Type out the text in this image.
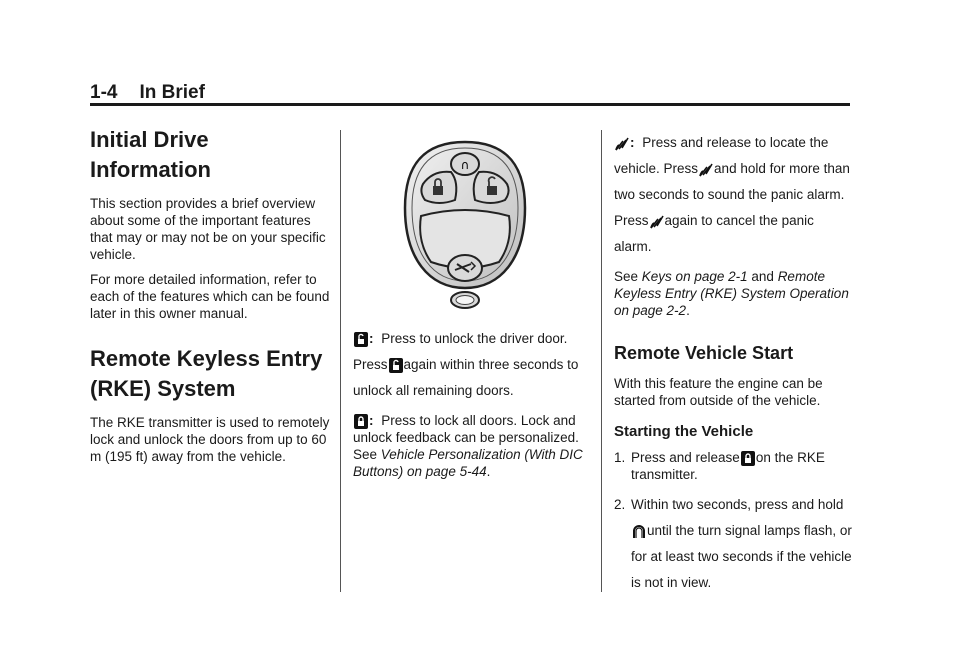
1-4 In Brief
Initial Drive Information

This section provides a brief overview about some of the important features that may or may not be on your specific vehicle.

For more detailed information, refer to each of the features which can be found later in this owner manual.

Remote Keyless Entry (RKE) System

The RKE transmitter is used to remotely lock and unlock the doors from up to 60 m (195 ft) away from the vehicle.

∩

: Press to unlock the driver door. Press again within three seconds to unlock all remaining doors.

: Press to lock all doors. Lock and unlock feedback can be personalized. See Vehicle Personalization (With DIC Buttons) on page 5-44.

: Press and release to locate the vehicle. Press and hold for more than two seconds to sound the panic alarm. Press again to cancel the panic alarm.

See Keys on page 2-1 and Remote Keyless Entry (RKE) System Operation on page 2-2.

Remote Vehicle Start

With this feature the engine can be started from outside of the vehicle.

Starting the Vehicle
1. Press and release on the RKE transmitter.
2. Within two seconds, press and hold
until the turn signal lamps flash, or for at least two seconds if the vehicle is not in view.
